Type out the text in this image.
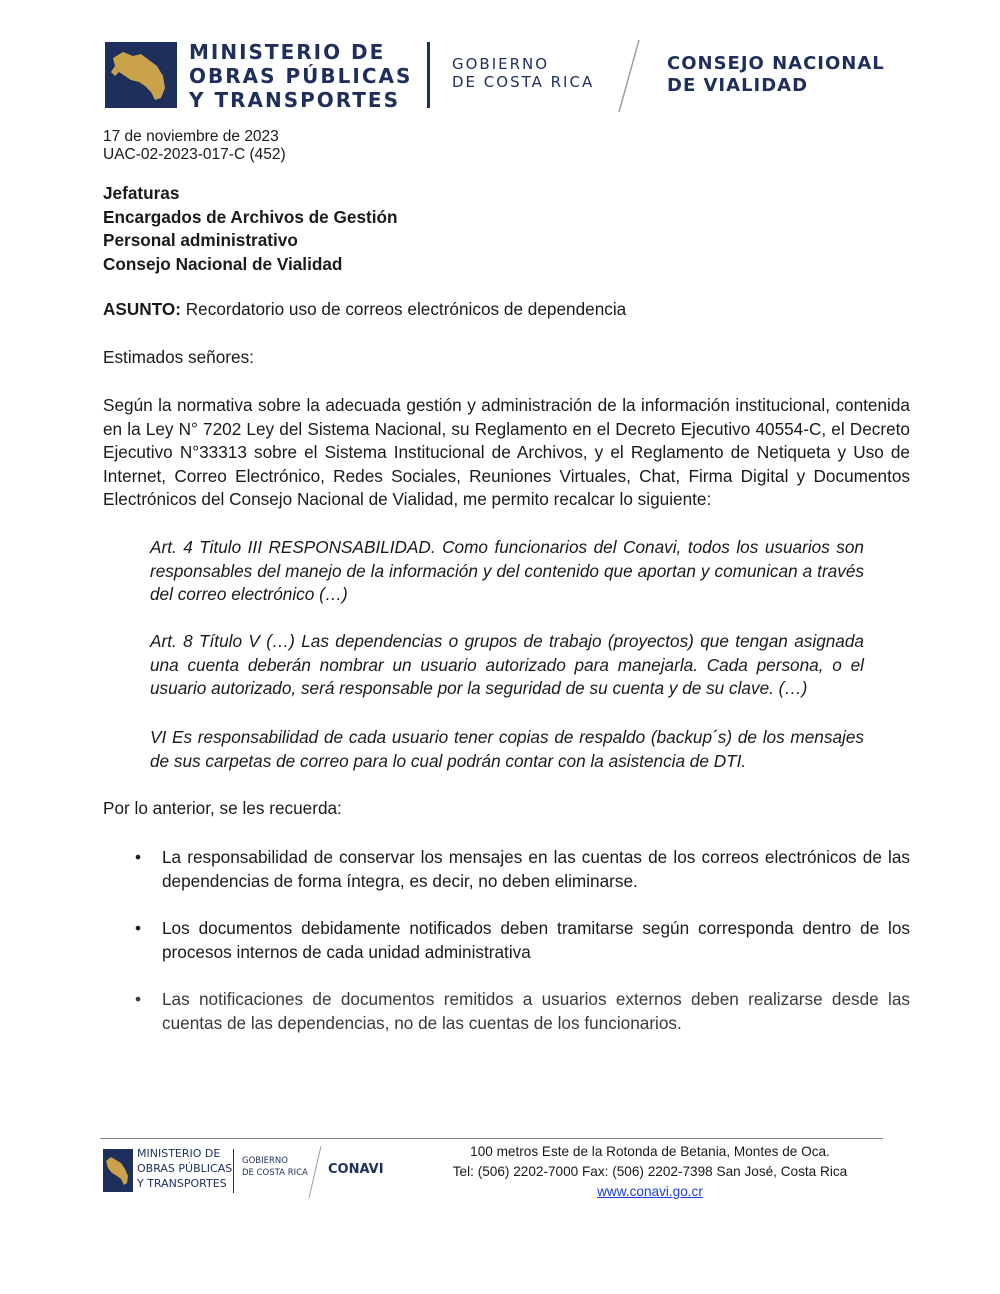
MINISTERIO DE
OBRAS PÚBLICAS
Y TRANSPORTES
GOBIERNO
DE COSTA RICA
CONSEJO NACIONAL
DE VIALIDAD
17 de noviembre de 2023
UAC-02-2023-017-C (452)
Jefaturas
Encargados de Archivos de Gestión
Personal administrativo
Consejo Nacional de Vialidad
ASUNTO: Recordatorio uso de correos electrónicos de dependencia
Estimados señores:
Según la normativa sobre la adecuada gestión y administración de la información institucional, contenida en la Ley N° 7202 Ley del Sistema Nacional, su Reglamento en el Decreto Ejecutivo 40554-C, el Decreto Ejecutivo N°33313 sobre el Sistema Institucional de Archivos, y el Reglamento de Netiqueta y Uso de Internet, Correo Electrónico, Redes Sociales, Reuniones Virtuales, Chat, Firma Digital y Documentos Electrónicos del Consejo Nacional de Vialidad, me permito recalcar lo siguiente:
Art. 4 Titulo III RESPONSABILIDAD. Como funcionarios del Conavi, todos los usuarios son responsables del manejo de la información y del contenido que aportan y comunican a través del correo electrónico (…)
Art. 8 Título V (…) Las dependencias o grupos de trabajo (proyectos) que tengan asignada una cuenta deberán nombrar un usuario autorizado para manejarla. Cada persona, o el usuario autorizado, será responsable por la seguridad de su cuenta y de su clave. (…)
VI Es responsabilidad de cada usuario tener copias de respaldo (backup´s) de los mensajes de sus carpetas de correo para lo cual podrán contar con la asistencia de DTI.
Por lo anterior, se les recuerda:
• La responsabilidad de conservar los mensajes en las cuentas de los correos electrónicos de las dependencias de forma íntegra, es decir, no deben eliminarse.
• Los documentos debidamente notificados deben tramitarse según corresponda dentro de los procesos internos de cada unidad administrativa
• Las notificaciones de documentos remitidos a usuarios externos deben realizarse desde las cuentas de las dependencias, no de las cuentas de los funcionarios.
MINISTERIO DE
OBRAS PÚBLICAS
Y TRANSPORTES
GOBIERNO
DE COSTA RICA CONAVI
100 metros Este de la Rotonda de Betania, Montes de Oca.
Tel: (506) 2202-7000 Fax: (506) 2202-7398 San José, Costa Rica
www.conavi.go.cr
